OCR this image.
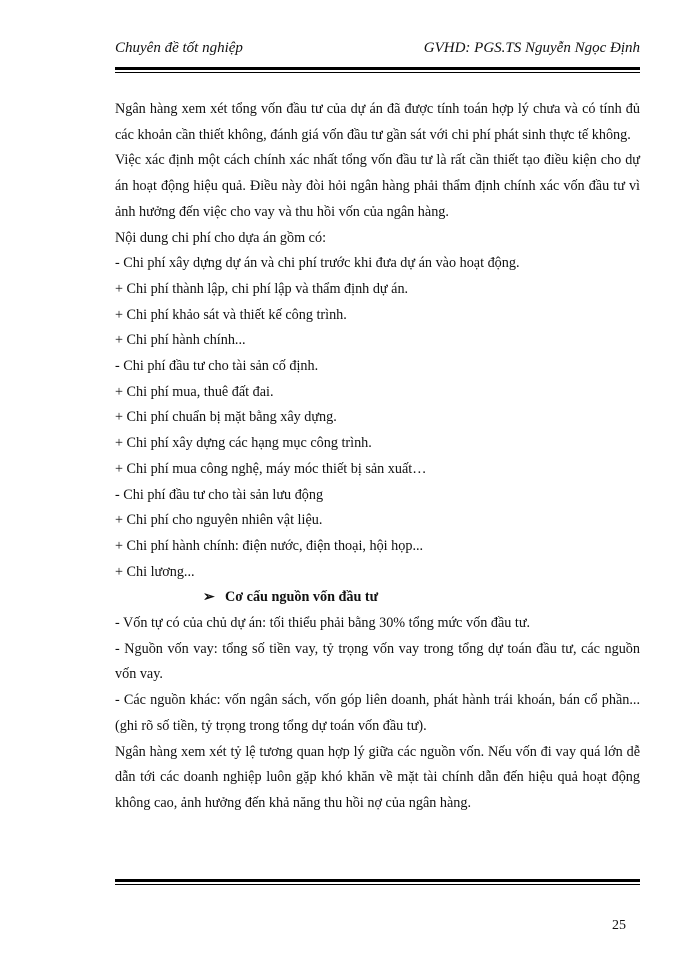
Chuyên đề tốt nghiệp	GVHD: PGS.TS Nguyễn Ngọc Định

Ngân hàng xem xét tổng vốn đầu tư của dự án đã được tính toán hợp lý chưa và có tính đủ các khoản cần thiết không, đánh giá vốn đầu tư gần sát với chi phí phát sinh thực tế không.

Việc xác định một cách chính xác nhất tổng vốn đầu tư là rất cần thiết tạo điều kiện cho dự án hoạt động hiệu quả. Điều này đòi hỏi ngân hàng phải thẩm định chính xác vốn đầu tư vì ảnh hưởng đến việc cho vay và thu hồi vốn của ngân hàng.

Nội dung chi phí cho dựa án gồm có:

- Chi phí xây dựng dự án và chi phí trước khi đưa dự án vào hoạt động.

+ Chi phí thành lập, chi phí lập và thẩm định dự án.

+ Chi phí khảo sát và thiết kế công trình.

+ Chi phí hành chính...

- Chi phí đầu tư cho tài sản cố định.

+ Chi phí mua, thuê đất đai.

+ Chi phí chuẩn bị mặt bằng xây dựng.

+ Chi phí xây dựng các hạng mục công trình.

+ Chi phí mua công nghệ, máy móc thiết bị sản xuất…

- Chi phí đầu tư cho tài sản lưu động

+ Chi phí cho nguyên nhiên vật liệu.

+ Chi phí hành chính: điện nước, điện thoại, hội họp...

+ Chi lương...

➢ Cơ cấu nguồn vốn đầu tư

- Vốn tự có của chủ dự án: tối thiểu phải bằng 30% tổng mức vốn đầu tư.

- Nguồn vốn vay: tổng số tiền vay, tỷ trọng vốn vay trong tổng dự toán đầu tư, các nguồn vốn vay.

- Các nguồn khác: vốn ngân sách, vốn góp liên doanh, phát hành trái khoán, bán cổ phần...(ghi rõ số tiền, tỷ trọng trong tổng dự toán vốn đầu tư).

Ngân hàng xem xét tỷ lệ tương quan hợp lý giữa các nguồn vốn. Nếu vốn đi vay quá lớn dễ dẫn tới các doanh nghiệp luôn gặp khó khăn về mặt tài chính dẫn đến hiệu quả hoạt động không cao, ảnh hưởng đến khả năng thu hồi nợ của ngân hàng.

25
